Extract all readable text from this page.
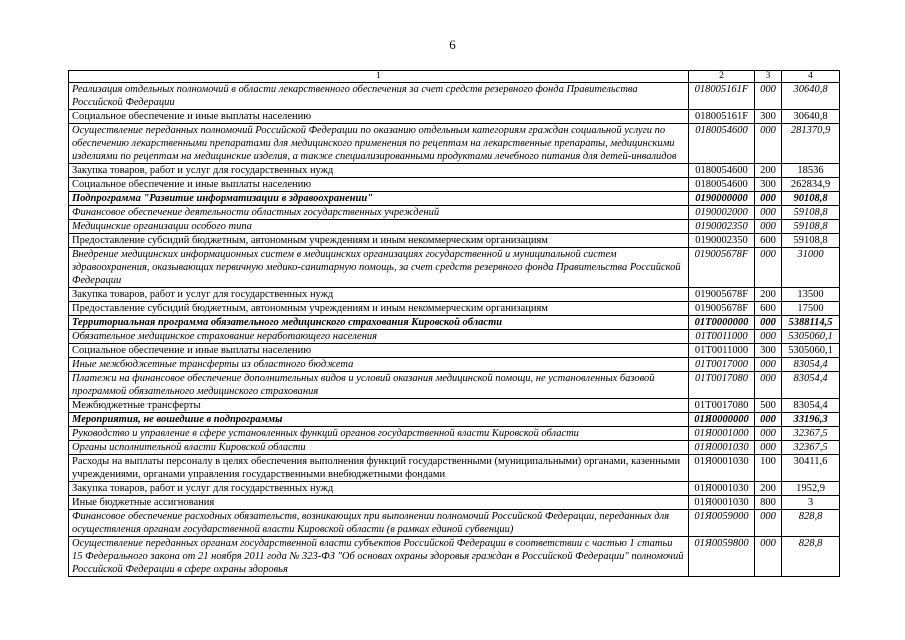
6
1	2	3	4
Реализация отдельных полномочий в области лекарственного обеспечения за счет средств резервного фонда Правительства Российской Федерации	018005161F	000	30640,8
Социальное обеспечение и иные выплаты населению	018005161F	300	30640,8
Осуществление переданных полномочий Российской Федерации по оказанию отдельным категориям граждан социальной услуги по обеспечению лекарственными препаратами для медицинского применения по рецептам на лекарственные препараты, медицинскими изделиями по рецептам на медицинские изделия, а также специализированными продуктами лечебного питания для детей-инвалидов	0180054600	000	281370,9
Закупка товаров, работ и услуг для государственных нужд	0180054600	200	18536
Социальное обеспечение и иные выплаты населению	0180054600	300	262834,9
Подпрограмма "Развитие информатизации в здравоохранении"	0190000000	000	90108,8
Финансовое обеспечение деятельности областных государственных учреждений	0190002000	000	59108,8
Медицинские организации особого типа	0190002350	000	59108,8
Предоставление субсидий бюджетным, автономным учреждениям и иным некоммерческим организациям	0190002350	600	59108,8
Внедрение медицинских информационных систем в медицинских организациях государственной и муниципальной систем здравоохранения, оказывающих первичную медико-санитарную помощь, за счет средств резервного фонда Правительства Российской Федерации	019005678F	000	31000
Закупка товаров, работ и услуг для государственных нужд	019005678F	200	13500
Предоставление субсидий бюджетным, автономным учреждениям и иным некоммерческим организациям	019005678F	600	17500
Территориальная программа обязательного медицинского страхования Кировской области	01T0000000	000	5388114,5
Обязательное медицинское страхование неработающего населения	01T0011000	000	5305060,1
Социальное обеспечение и иные выплаты населению	01T0011000	300	5305060,1
Иные межбюджетные трансферты из областного бюджета	01T0017000	000	83054,4
Платежи на финансовое обеспечение дополнительных видов и условий оказания медицинской помощи, не установленных базовой программой обязательного медицинского страхования	01T0017080	000	83054,4
Межбюджетные трансферты	01T0017080	500	83054,4
Мероприятия, не вошедшие в подпрограммы	01Я0000000	000	33196,3
Руководство и управление в сфере установленных функций органов государственной власти Кировской области	01Я0001000	000	32367,5
Органы исполнительной власти Кировской области	01Я0001030	000	32367,5
Расходы на выплаты персоналу в целях обеспечения выполнения функций государственными (муниципальными) органами, казенными учреждениями, органами управления государственными внебюджетными фондами	01Я0001030	100	30411,6
Закупка товаров, работ и услуг для государственных нужд	01Я0001030	200	1952,9
Иные бюджетные ассигнования	01Я0001030	800	3
Финансовое обеспечение расходных обязательств, возникающих при выполнении полномочий Российской Федерации, переданных для осуществления органам государственной власти Кировской области (в рамках единой субвенции)	01Я0059000	000	828,8
Осуществление переданных органам государственной власти субъектов Российской Федерации в соответствии с частью 1 статьи 15 Федерального закона от 21 ноября 2011 года № 323-ФЗ "Об основах охраны здоровья граждан в Российской Федерации" полномочий Российской Федерации в сфере охраны здоровья	01Я0059800	000	828,8
